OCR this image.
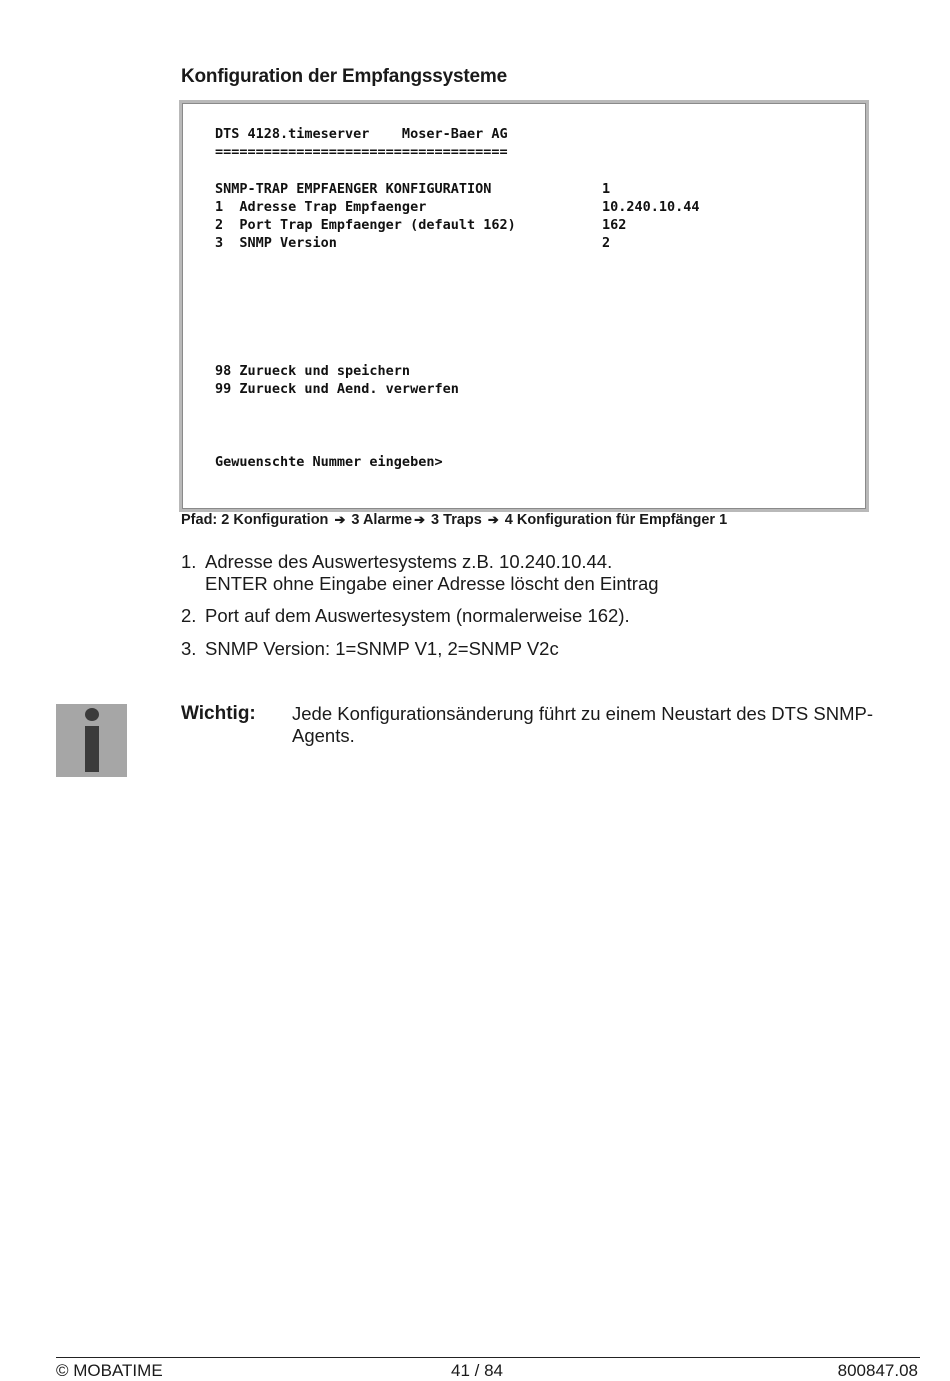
Konfiguration der Empfangssysteme
DTS 4128.timeserver    Moser-Baer AG
====================================
SNMP-TRAP EMPFAENGER KONFIGURATION	1
1  Adresse Trap Empfaenger	10.240.10.44
2  Port Trap Empfaenger (default 162)	162
3  SNMP Version	2
98 Zurueck und speichern
99 Zurueck und Aend. verwerfen
Gewuenschte Nummer eingeben>
Pfad: 2 Konfiguration ➔ 3 Alarme ➔ 3 Traps ➔ 4 Konfiguration für Empfänger 1
1. Adresse des Auswertesystems z.B. 10.240.10.44.
ENTER ohne Eingabe einer Adresse löscht den Eintrag
2. Port auf dem Auswertesystem (normalerweise 162).
3. SNMP Version: 1=SNMP V1, 2=SNMP V2c
Wichtig: Jede Konfigurationsänderung führt zu einem Neustart des DTS SNMP-Agents.
© MOBATIME	41 / 84	800847.08
